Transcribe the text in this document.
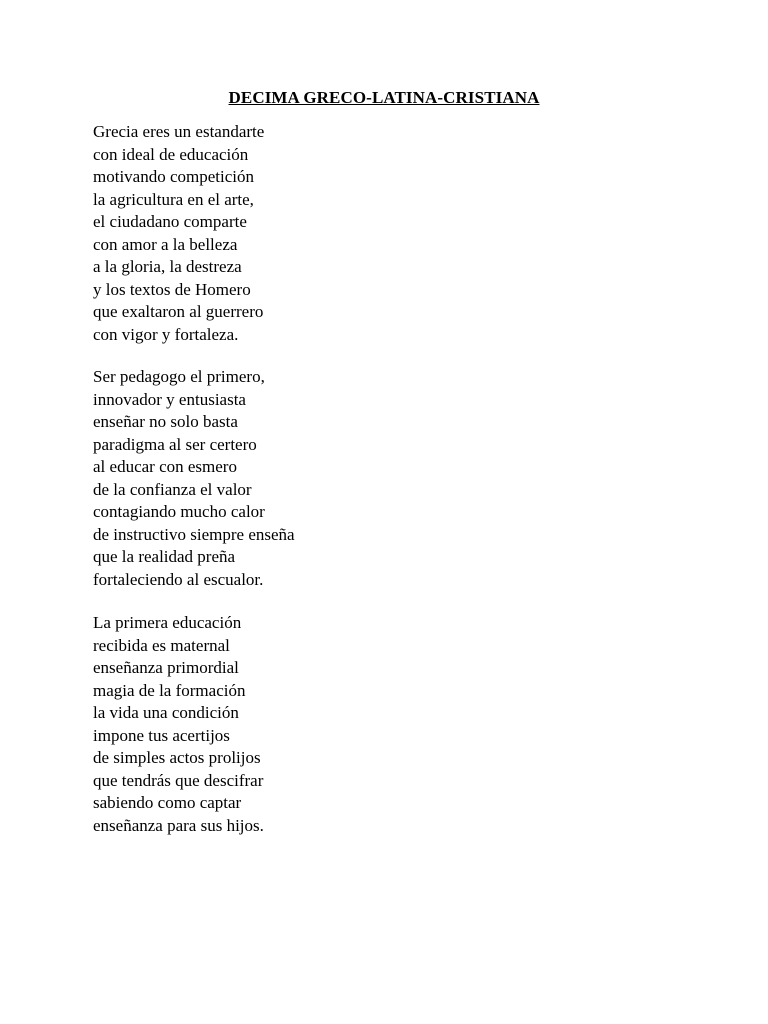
DECIMA GRECO-LATINA-CRISTIANA
Grecia eres un estandarte
con ideal de educación
motivando competición
la agricultura en el arte,
el ciudadano comparte
con amor a la belleza
a la gloria, la destreza
y los textos de Homero
que exaltaron al guerrero
con vigor y fortaleza.
Ser pedagogo el primero,
innovador y entusiasta
enseñar no solo basta
paradigma al ser certero
al educar con esmero
de la confianza el valor
contagiando mucho calor
de instructivo siempre enseña
que la realidad preña
fortaleciendo al escualor.
La primera educación
recibida es maternal
enseñanza primordial
magia de la formación
la vida una condición
impone tus acertijos
de simples actos prolijos
que tendrás que descifrar
sabiendo como captar
enseñanza para sus hijos.
